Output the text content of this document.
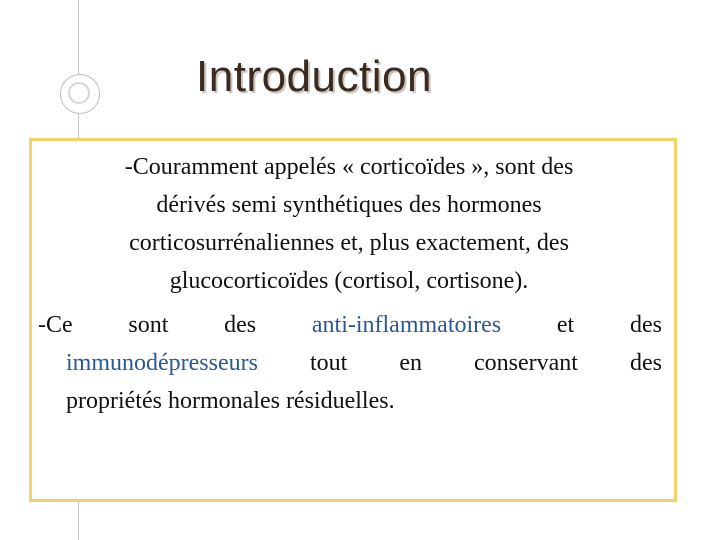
Introduction

-Couramment appelés « corticoïdes », sont des
dérivés semi synthétiques des hormones
corticosurrénaliennes et, plus exactement, des
glucocorticoïdes (cortisol, cortisone).

-Ce sont des anti-inflammatoires et des
immunodépresseurs tout en conservant des
propriétés hormonales résiduelles.
